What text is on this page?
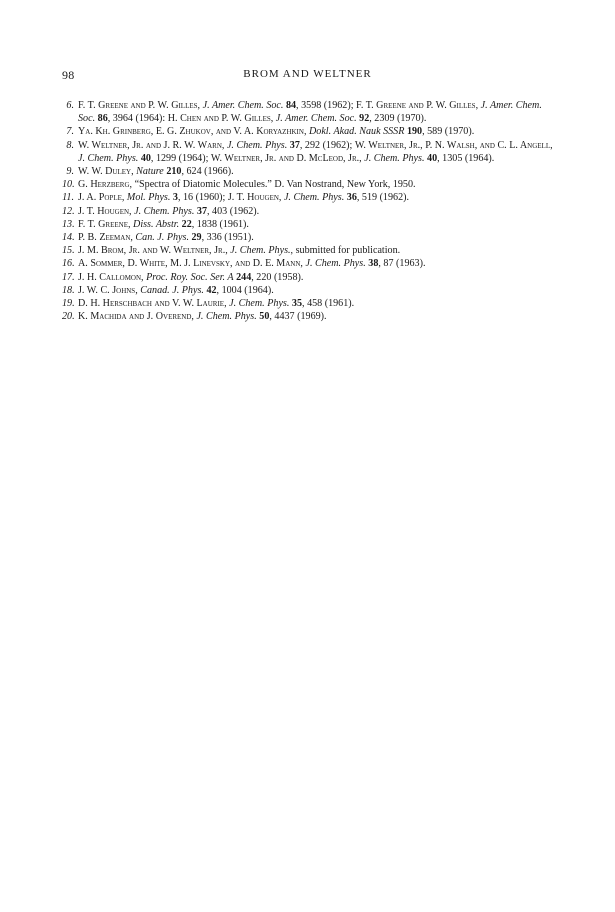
98	BROM AND WELTNER
6. F. T. Greene and P. W. Gilles, J. Amer. Chem. Soc. 84, 3598 (1962); F. T. Greene and P. W. Gilles, J. Amer. Chem. Soc. 86, 3964 (1964): H. Chen and P. W. Gilles, J. Amer. Chem. Soc. 92, 2309 (1970).
7. Ya. Kh. Grinberg, E. G. Zhukov, and V. A. Koryazhkin, Dokl. Akad. Nauk SSSR 190, 589 (1970).
8. W. Weltner, Jr. and J. R. W. Warn, J. Chem. Phys. 37, 292 (1962); W. Weltner, Jr., P. N. Walsh, and C. L. Angell, J. Chem. Phys. 40, 1299 (1964); W. Weltner, Jr. and D. McLeod, Jr., J. Chem. Phys. 40, 1305 (1964).
9. W. W. Duley, Nature 210, 624 (1966).
10. G. Herzberg, “Spectra of Diatomic Molecules.” D. Van Nostrand, New York, 1950.
11. J. A. Pople, Mol. Phys. 3, 16 (1960); J. T. Hougen, J. Chem. Phys. 36, 519 (1962).
12. J. T. Hougen, J. Chem. Phys. 37, 403 (1962).
13. F. T. Greene, Diss. Abstr. 22, 1838 (1961).
14. P. B. Zeeman, Can. J. Phys. 29, 336 (1951).
15. J. M. Brom, Jr. and W. Weltner, Jr., J. Chem. Phys., submitted for publication.
16. A. Sommer, D. White, M. J. Linevsky, and D. E. Mann, J. Chem. Phys. 38, 87 (1963).
17. J. H. Callomon, Proc. Roy. Soc. Ser. A 244, 220 (1958).
18. J. W. C. Johns, Canad. J. Phys. 42, 1004 (1964).
19. D. H. Herschbach and V. W. Laurie, J. Chem. Phys. 35, 458 (1961).
20. K. Machida and J. Overend, J. Chem. Phys. 50, 4437 (1969).
